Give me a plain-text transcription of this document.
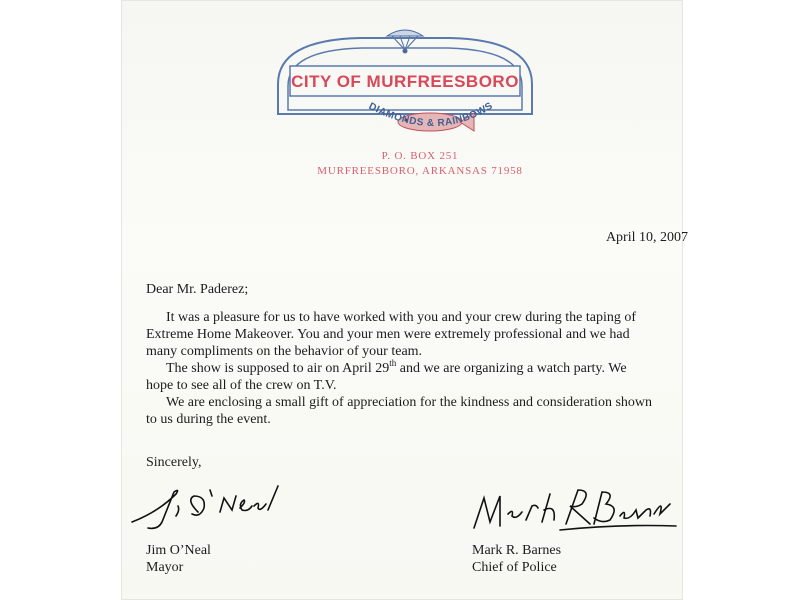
DIAMONDS & RAINBOWS
CITY OF MURFREESBORO
P. O. BOX 251
MURFREESBORO, ARKANSAS 71958
April 10, 2007
Dear Mr. Paderez;

It was a pleasure for us to have worked with you and your crew during the taping of Extreme Home Makeover. You and your men were extremely professional and we had many compliments on the behavior of your team.

The show is supposed to air on April 29th and we are organizing a watch party. We hope to see all of the crew on T.V.

We are enclosing a small gift of appreciation for the kindness and consideration shown to us during the event.

Sincerely,
Jim O’Neal
Mayor
Mark R. Barnes
Chief of Police
